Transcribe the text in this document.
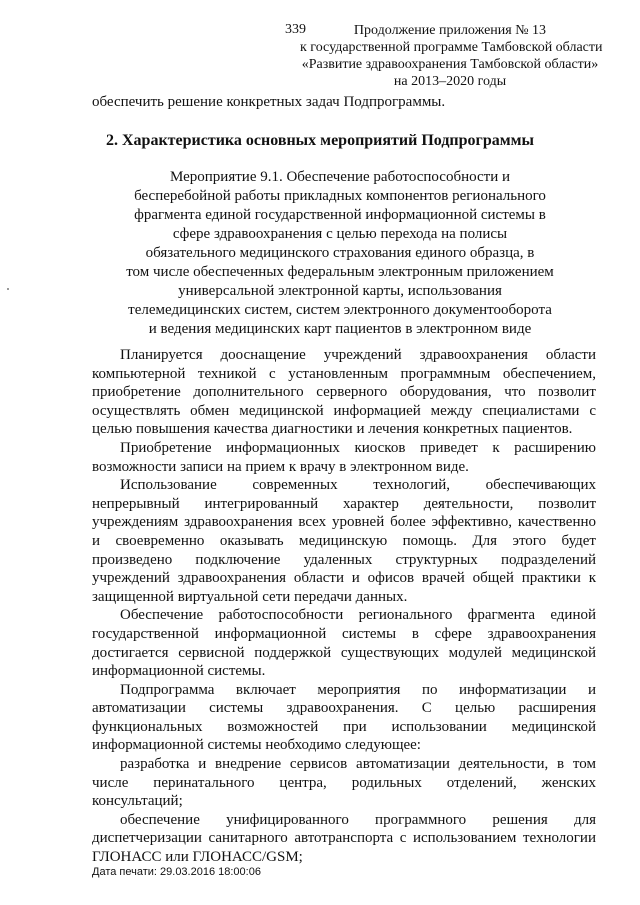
339	Продолжение приложения № 13
к государственной программе Тамбовской области
«Развитие здравоохранения Тамбовской области»
на 2013–2020 годы
обеспечить решение конкретных задач Подпрограммы.
2. Характеристика основных мероприятий Подпрограммы
Мероприятие 9.1. Обеспечение работоспособности и
бесперебойной работы прикладных компонентов регионального
фрагмента единой государственной информационной системы в
сфере здравоохранения с целью перехода на полисы
обязательного медицинского страхования единого образца, в
том числе обеспеченных федеральным электронным приложением
универсальной электронной карты, использования
телемедицинских систем, систем электронного документооборота
и ведения медицинских карт пациентов в электронном виде
Планируется дооснащение учреждений здравоохранения области
компьютерной техникой с установленным программным обеспечением,
приобретение дополнительного серверного оборудования, что позволит
осуществлять обмен медицинской информацией между специалистами с
целью повышения качества диагностики и лечения конкретных пациентов.
Приобретение информационных киосков приведет к расширению
возможности записи на прием к врачу в электронном виде.
Использование современных технологий, обеспечивающих
непрерывный интегрированный характер деятельности, позволит
учреждениям здравоохранения всех уровней более эффективно, качественно
и своевременно оказывать медицинскую помощь. Для этого будет
произведено подключение удаленных структурных подразделений
учреждений здравоохранения области и офисов врачей общей практики к
защищенной виртуальной сети передачи данных.
Обеспечение работоспособности регионального фрагмента единой
государственной информационной системы в сфере здравоохранения
достигается сервисной поддержкой существующих модулей медицинской
информационной системы.
Подпрограмма включает мероприятия по информатизации и
автоматизации системы здравоохранения. С целью расширения
функциональных возможностей при использовании медицинской
информационной системы необходимо следующее:
разработка и внедрение сервисов автоматизации деятельности, в том
числе перинатального центра, родильных отделений, женских
консультаций;
обеспечение унифицированного программного решения для
диспетчеризации санитарного автотранспорта с использованием технологии
ГЛОНАСС или ГЛОНАСС/GSM;
Дата печати: 29.03.2016 18:00:06
